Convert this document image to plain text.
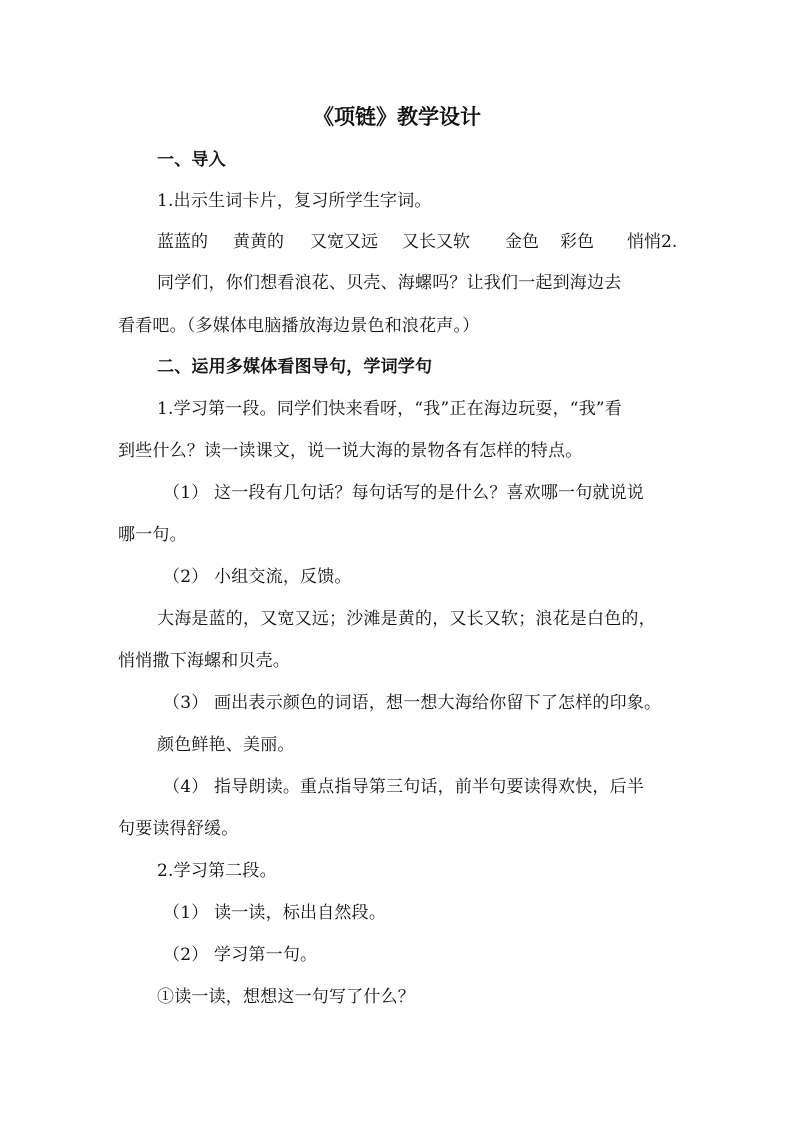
《项链》教学设计
一、导入
1.出示生词卡片，复习所学生字词。
蓝蓝的 黄黄的 又宽又远 又长又软 金色 彩色 悄悄2.
同学们，你们想看浪花、贝壳、海螺吗？让我们一起到海边去
看看吧。（多媒体电脑播放海边景色和浪花声。）
二、运用多媒体看图导句，学词学句
1.学习第一段。同学们快来看呀，“我”正在海边玩耍，“我”看
到些什么？读一读课文，说一说大海的景物各有怎样的特点。
（1） 这一段有几句话？每句话写的是什么？喜欢哪一句就说说
哪一句。
（2） 小组交流，反馈。
大海是蓝的，又宽又远；沙滩是黄的，又长又软；浪花是白色的，
悄悄撒下海螺和贝壳。
（3） 画出表示颜色的词语，想一想大海给你留下了怎样的印象。
颜色鲜艳、美丽。
（4） 指导朗读。重点指导第三句话，前半句要读得欢快，后半
句要读得舒缓。
2.学习第二段。
（1） 读一读，标出自然段。
（2） 学习第一句。
①读一读，想想这一句写了什么？
